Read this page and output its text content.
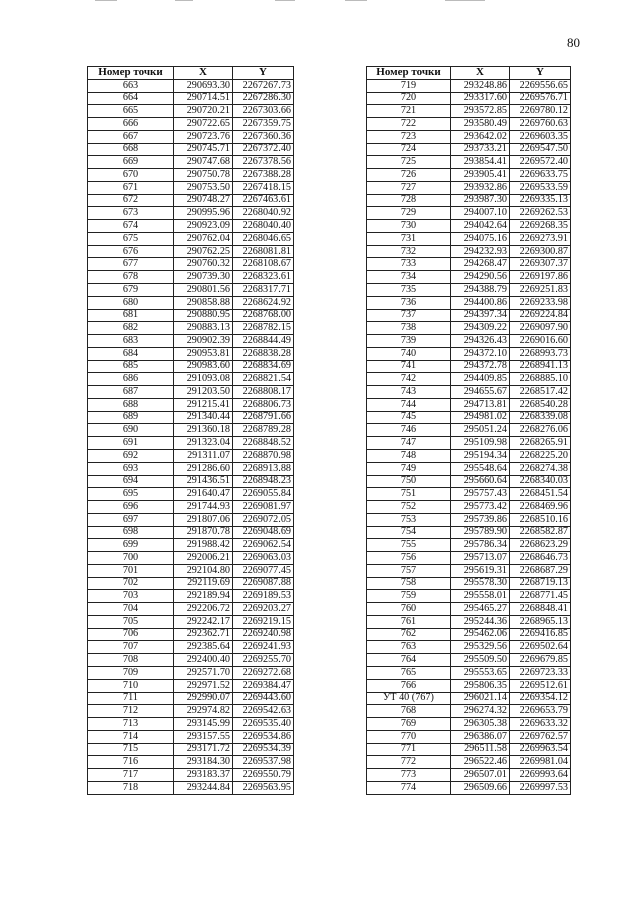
80
Номер точки	X	Y
663	290693.30	2267267.73
664	290714.51	2267286.30
665	290720.21	2267303.66
666	290722.65	2267359.75
667	290723.76	2267360.36
668	290745.71	2267372.40
669	290747.68	2267378.56
670	290750.78	2267388.28
671	290753.50	2267418.15
672	290748.27	2267463.61
673	290995.96	2268040.92
674	290923.09	2268040.40
675	290762.04	2268046.65
676	290762.25	2268081.81
677	290760.32	2268108.67
678	290739.30	2268323.61
679	290801.56	2268317.71
680	290858.88	2268624.92
681	290880.95	2268768.00
682	290883.13	2268782.15
683	290902.39	2268844.49
684	290953.81	2268838.28
685	290983.60	2268834.69
686	291093.08	2268821.54
687	291203.50	2268808.17
688	291215.41	2268806.73
689	291340.44	2268791.66
690	291360.18	2268789.28
691	291323.04	2268848.52
692	291311.07	2268870.98
693	291286.60	2268913.88
694	291436.51	2268948.23
695	291640.47	2269055.84
696	291744.93	2269081.97
697	291807.06	2269072.05
698	291870.78	2269048.69
699	291988.42	2269062.54
700	292006.21	2269063.03
701	292104.80	2269077.45
702	292119.69	2269087.88
703	292189.94	2269189.53
704	292206.72	2269203.27
705	292242.17	2269219.15
706	292362.71	2269240.98
707	292385.64	2269241.93
708	292400.40	2269255.70
709	292571.70	2269272.68
710	292971.52	2269384.47
711	292990.07	2269443.60
712	292974.82	2269542.63
713	293145.99	2269535.40
714	293157.55	2269534.86
715	293171.72	2269534.39
716	293184.30	2269537.98
717	293183.37	2269550.79
718	293244.84	2269563.95
Номер точки	X	Y
719	293248.86	2269556.65
720	293317.60	2269576.71
721	293572.85	2269780.12
722	293580.49	2269760.63
723	293642.02	2269603.35
724	293733.21	2269547.50
725	293854.41	2269572.40
726	293905.41	2269633.75
727	293932.86	2269533.59
728	293987.30	2269335.13
729	294007.10	2269262.53
730	294042.64	2269268.35
731	294075.16	2269273.91
732	294232.93	2269300.87
733	294268.47	2269307.37
734	294290.56	2269197.86
735	294388.79	2269251.83
736	294400.86	2269233.98
737	294397.34	2269224.84
738	294309.22	2269097.90
739	294326.43	2269016.60
740	294372.10	2268993.73
741	294372.78	2268941.13
742	294409.85	2268885.10
743	294655.67	2268517.42
744	294713.81	2268540.28
745	294981.02	2268339.08
746	295051.24	2268276.06
747	295109.98	2268265.91
748	295194.34	2268225.20
749	295548.64	2268274.38
750	295660.64	2268340.03
751	295757.43	2268451.54
752	295773.42	2268469.96
753	295739.86	2268510.16
754	295789.90	2268582.87
755	295786.34	2268623.29
756	295713.07	2268646.73
757	295619.31	2268687.29
758	295578.30	2268719.13
759	295558.01	2268771.45
760	295465.27	2268848.41
761	295244.36	2268965.13
762	295462.06	2269416.85
763	295329.56	2269502.64
764	295509.50	2269679.85
765	295553.65	2269723.33
766	295806.35	2269512.61
УТ 40 (767)	296021.14	2269354.12
768	296274.32	2269653.79
769	296305.38	2269633.32
770	296386.07	2269762.57
771	296511.58	2269963.54
772	296522.46	2269981.04
773	296507.01	2269993.64
774	296509.66	2269997.53
